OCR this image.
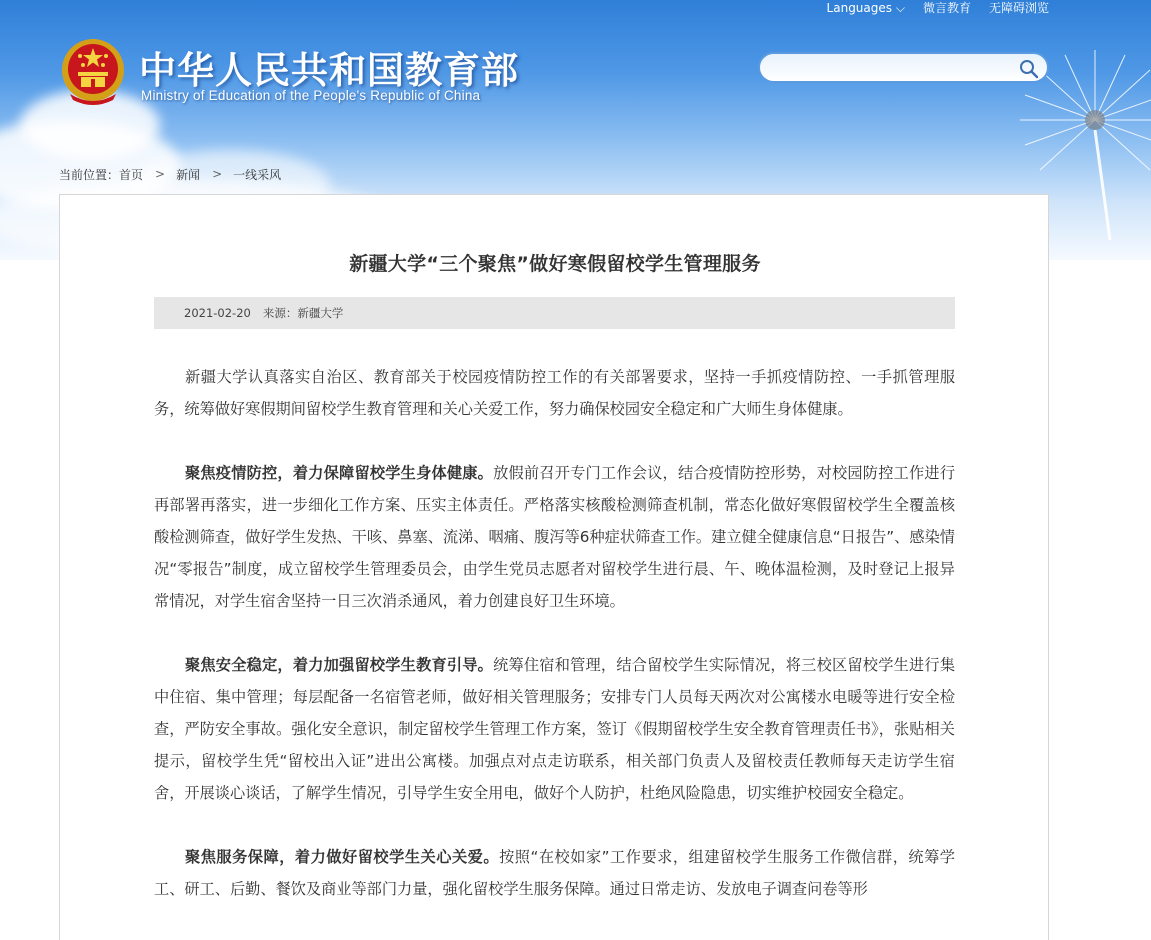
Languages ⌵ 微言教育 无障碍浏览
中华人民共和国教育部
Ministry of Education of the People's Republic of China
当前位置： 首页 > 新闻 > 一线采风
新疆大学“三个聚焦”做好寒假留校学生管理服务
2021-02-20 来源：新疆大学

新疆大学认真落实自治区、教育部关于校园疫情防控工作的有关部署要求，坚持一手抓疫情防控、一手抓管理服务，统筹做好寒假期间留校学生教育管理和关心关爱工作，努力确保校园安全稳定和广大师生身体健康。

聚焦疫情防控，着力保障留校学生身体健康。放假前召开专门工作会议，结合疫情防控形势，对校园防控工作进行再部署再落实，进一步细化工作方案、压实主体责任。严格落实核酸检测筛查机制，常态化做好寒假留校学生全覆盖核酸检测筛查，做好学生发热、干咳、鼻塞、流涕、咽痛、腹泻等6种症状筛查工作。建立健全健康信息“日报告”、感染情况“零报告”制度，成立留校学生管理委员会，由学生党员志愿者对留校学生进行晨、午、晚体温检测，及时登记上报异常情况，对学生宿舍坚持一日三次消杀通风，着力创建良好卫生环境。

聚焦安全稳定，着力加强留校学生教育引导。统筹住宿和管理，结合留校学生实际情况，将三校区留校学生进行集中住宿、集中管理；每层配备一名宿管老师，做好相关管理服务；安排专门人员每天两次对公寓楼水电暖等进行安全检查，严防安全事故。强化安全意识，制定留校学生管理工作方案，签订《假期留校学生安全教育管理责任书》，张贴相关提示，留校学生凭“留校出入证”进出公寓楼。加强点对点走访联系，相关部门负责人及留校责任教师每天走访学生宿舍，开展谈心谈话，了解学生情况，引导学生安全用电，做好个人防护，杜绝风险隐患，切实维护校园安全稳定。

聚焦服务保障，着力做好留校学生关心关爱。按照“在校如家”工作要求，组建留校学生服务工作微信群，统筹学工、研工、后勤、餐饮及商业等部门力量，强化留校学生服务保障。通过日常走访、发放电子调查问卷等形
